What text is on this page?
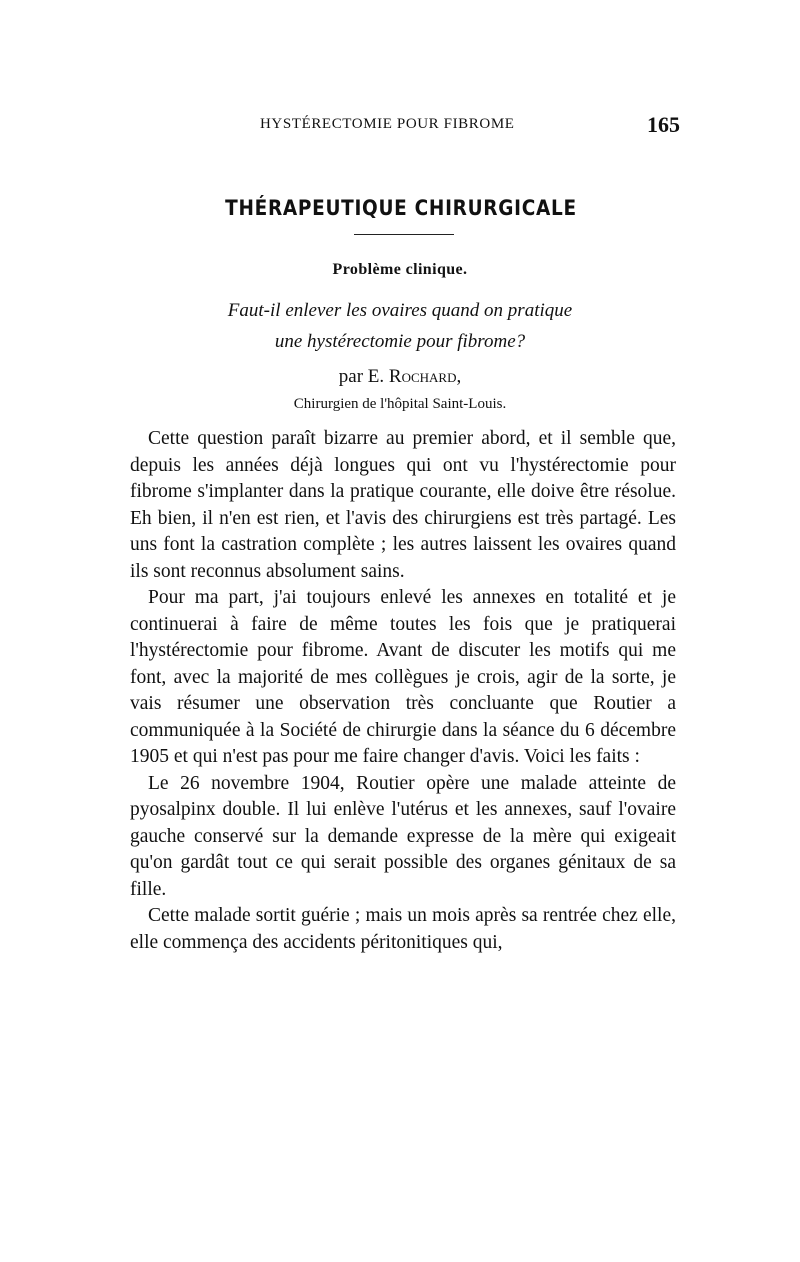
HYSTÉRECTOMIE POUR FIBROME	165
THÉRAPEUTIQUE CHIRURGICALE
Problème clinique.
Faut-il enlever les ovaires quand on pratique
une hystérectomie pour fibrome?
par E. Rochard,
Chirurgien de l'hôpital Saint-Louis.

Cette question paraît bizarre au premier abord, et il semble que, depuis les années déjà longues qui ont vu l'hystérectomie pour fibrome s'implanter dans la pratique courante, elle doive être résolue. Eh bien, il n'en est rien, et l'avis des chirurgiens est très partagé. Les uns font la castration complète ; les autres laissent les ovaires quand ils sont reconnus absolument sains.

Pour ma part, j'ai toujours enlevé les annexes en totalité et je continuerai à faire de même toutes les fois que je pratiquerai l'hystérectomie pour fibrome. Avant de discuter les motifs qui me font, avec la majorité de mes collègues je crois, agir de la sorte, je vais résumer une observation très concluante que Routier a communiquée à la Société de chirurgie dans la séance du 6 décembre 1905 et qui n'est pas pour me faire changer d'avis. Voici les faits :

Le 26 novembre 1904, Routier opère une malade atteinte de pyosalpinx double. Il lui enlève l'utérus et les annexes, sauf l'ovaire gauche conservé sur la demande expresse de la mère qui exigeait qu'on gardât tout ce qui serait possible des organes génitaux de sa fille.

Cette malade sortit guérie ; mais un mois après sa rentrée chez elle, elle commença des accidents péritonitiques qui,
